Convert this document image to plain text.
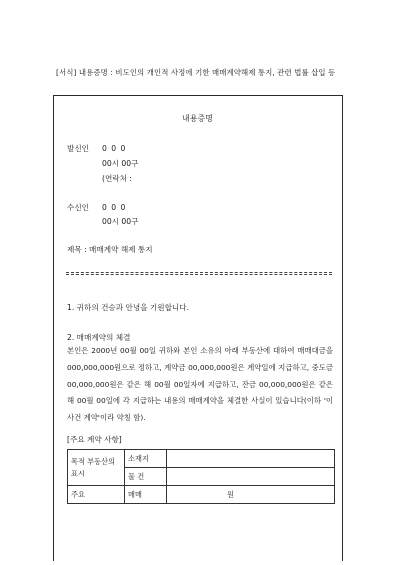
[서식] 내용증명 : 비도인의 개인적 사정에 기한 매매계약해제 통지, 관련 법률 삽입 등
내용증명
발신인 0 0 0
00시 00구
(연락처 :
수신인 0 0 0
00시 00구
제목 : 매매계약 해제 통지
1. 귀하의 건승과 안녕을 기원합니다.
2. 매매계약의 체결
본인은 2000년 00월 00일 귀하와 본인 소유의 아래 부동산에 대하여 매매대금을 000,000,000원으로 정하고, 계약금 00,000,000원은 계약일에 지급하고, 중도금 00,000,000원은 같은 해 00월 00일자에 지급하고, 잔금 00,000,000원은 같은 해 00월 00일에 각 지급하는 내용의 매매계약을 체결한 사실이 있습니다(이하 '이 사건 계약'이라 약칭 함).
[주요 계약 사항]
목적 부동산의 표시	소재지	
	물 건	
주요	매매	원
